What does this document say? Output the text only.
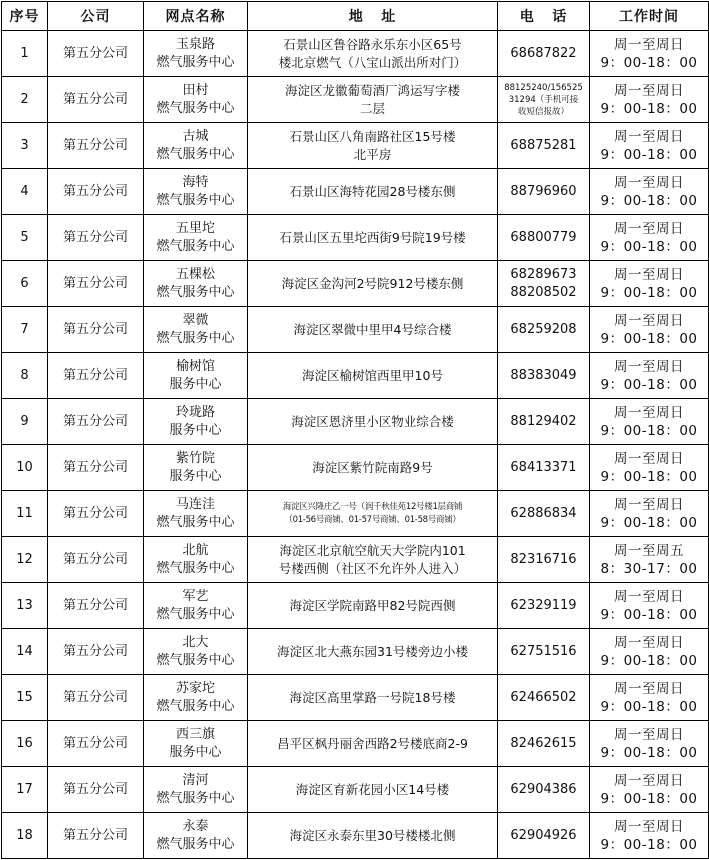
序号	公司	网点名称	地   址	电   话	工作时间
1	第五分公司	玉泉路
燃气服务中心	石景山区鲁谷路永乐东小区65号
楼北京燃气（八宝山派出所对门）	68687822	周一至周日
9：00-18：00

2	第五分公司	田村
燃气服务中心	海淀区龙徽葡萄酒厂鸿运写字楼
二层	88125240/156525
31294（手机可接
收短信报故）	周一至周日
9：00-18：00

3	第五分公司	古城
燃气服务中心	石景山区八角南路社区15号楼
北平房	68875281	周一至周日
9：00-18：00

4	第五分公司	海特
燃气服务中心	石景山区海特花园28号楼东侧	88796960	周一至周日
9：00-18：00

5	第五分公司	五里坨
燃气服务中心	石景山区五里坨西街9号院19号楼	68800779	周一至周日
9：00-18：00

6	第五分公司	五棵松
燃气服务中心	海淀区金沟河2号院912号楼东侧	68289673
88208502	周一至周日
9：00-18：00

7	第五分公司	翠微
燃气服务中心	海淀区翠微中里甲4号综合楼	68259208	周一至周日
9：00-18：00

8	第五分公司	榆树馆
服务中心	海淀区榆树馆西里甲10号	88383049	周一至周日
9：00-18：00

9	第五分公司	玲珑路
服务中心	海淀区恩济里小区物业综合楼	88129402	周一至周日
9：00-18：00

10	第五分公司	紫竹院
服务中心	海淀区紫竹院南路9号	68413371	周一至周日
9：00-18：00

11	第五分公司	马连洼
燃气服务中心	海淀区兴隆庄乙一号（润千秋佳苑12号楼1层商铺
（01-56号商铺、01-57号商铺、01-58号商铺）	62886834	周一至周日
9：00-18：00

12	第五分公司	北航
燃气服务中心	海淀区北京航空航天大学院内101
号楼西侧（社区不允许外人进入）	82316716	周一至周五
8：30-17：00

13	第五分公司	军艺
燃气服务中心	海淀区学院南路甲82号院西侧	62329119	周一至周日
9：00-18：00

14	第五分公司	北大
燃气服务中心	海淀区北大燕东园31号楼旁边小楼	62751516	周一至周日
9：00-18：00

15	第五分公司	苏家坨
燃气服务中心	海淀区高里掌路一号院18号楼	62466502	周一至周日
9：00-18：00

16	第五分公司	西三旗
服务中心	昌平区枫丹丽舍西路2号楼底商2-9	82462615	周一至周日
9：00-18：00

17	第五分公司	清河
燃气服务中心	海淀区育新花园小区14号楼	62904386	周一至周日
9：00-18：00

18	第五分公司	永泰
燃气服务中心	海淀区永泰东里30号楼楼北侧	62904926	周一至周日
9：00-18：00
